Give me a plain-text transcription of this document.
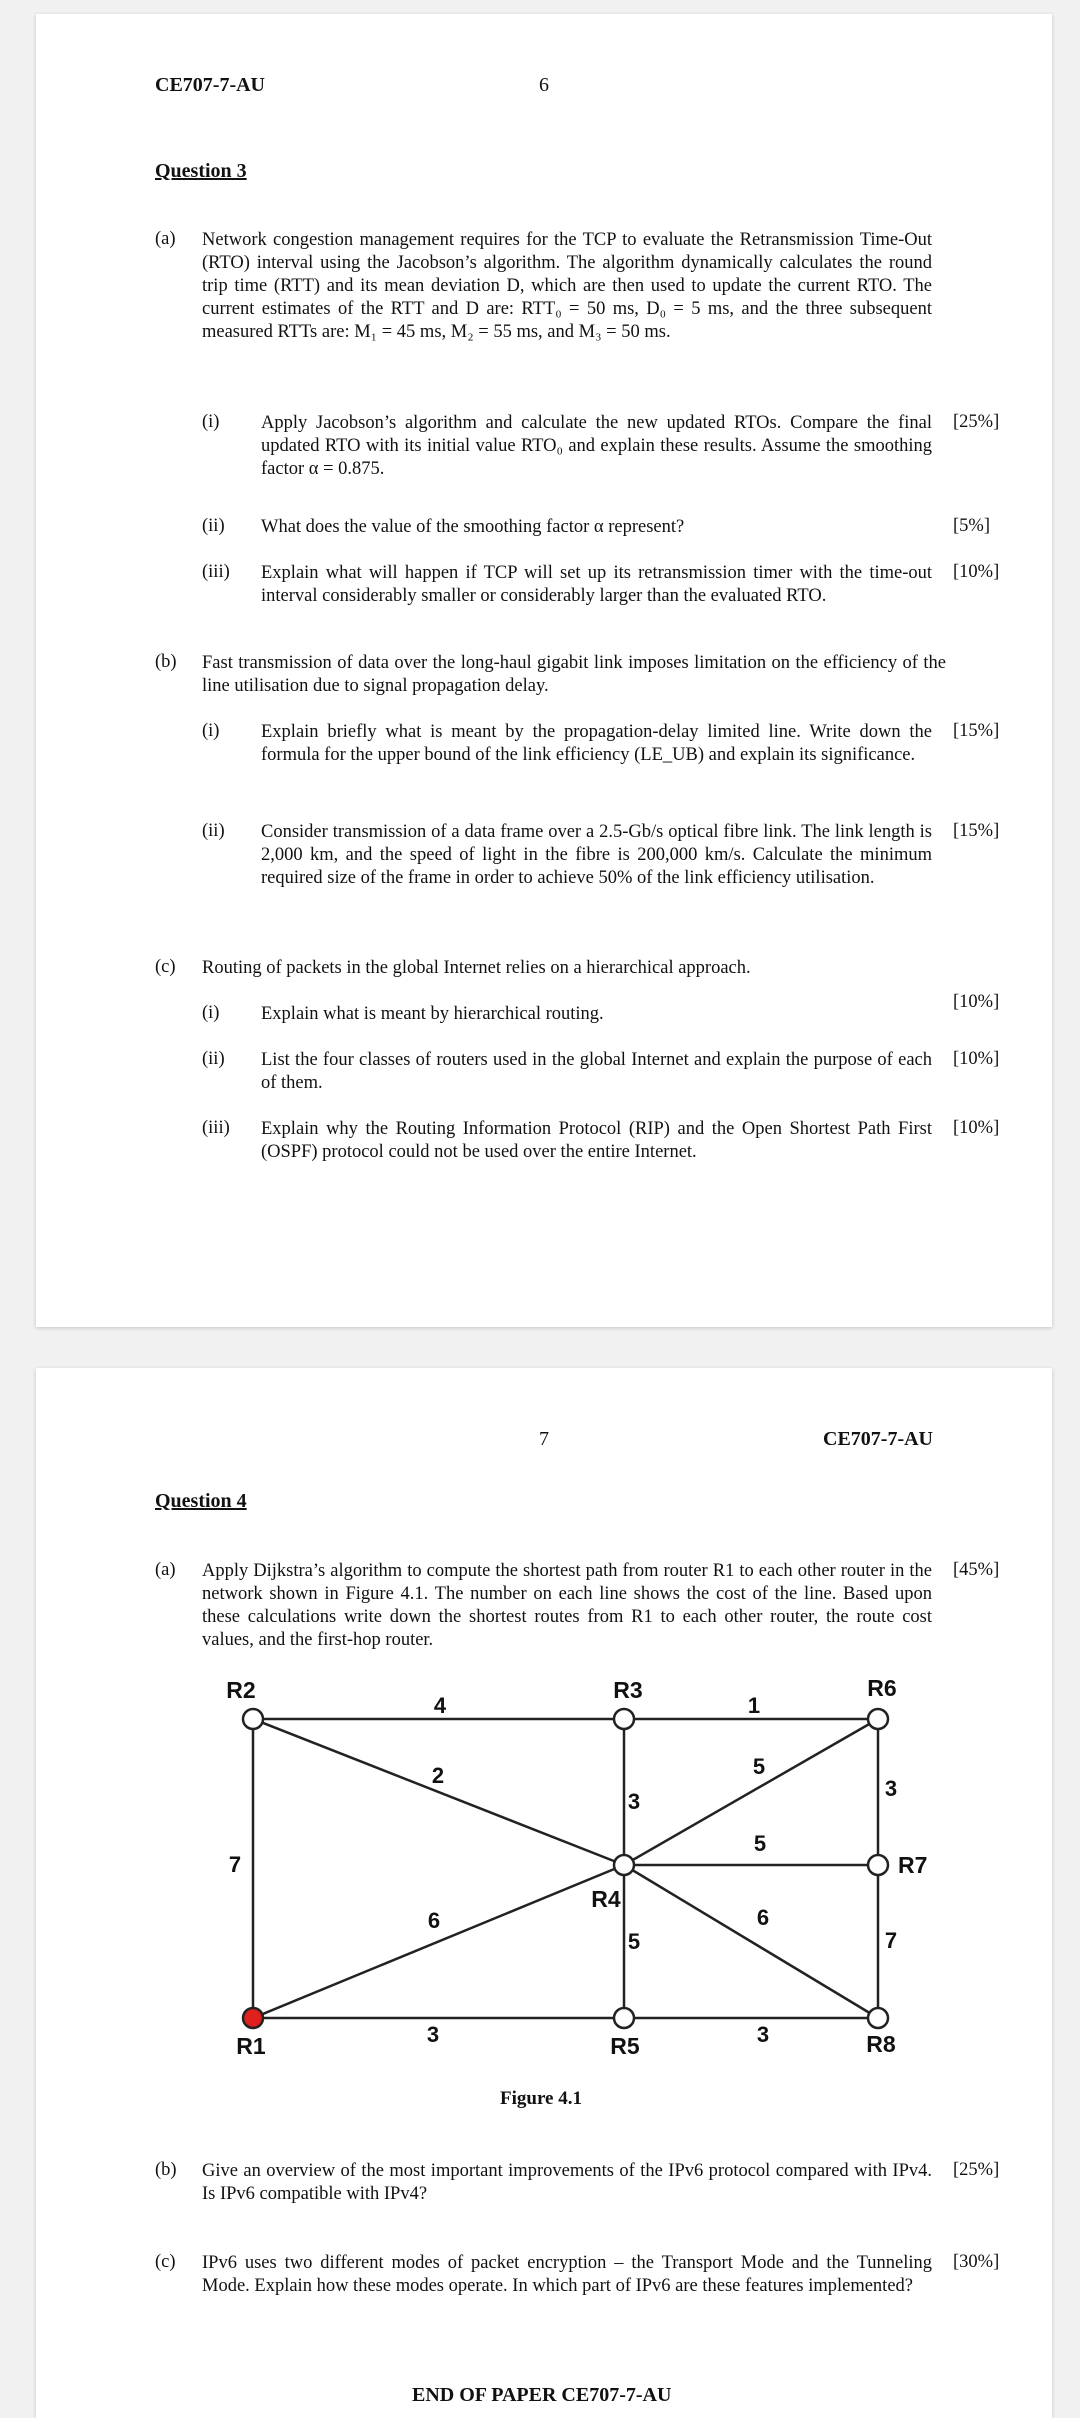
CE707-7-AU	6
Question 3
(a) Network congestion management requires for the TCP to evaluate the Retransmission Time-Out (RTO) interval using the Jacobson’s algorithm. The algorithm dynamically calculates the round trip time (RTT) and its mean deviation D, which are then used to update the current RTO. The current estimates of the RTT and D are: RTT₀ = 50 ms, D₀ = 5 ms, and the three subsequent measured RTTs are: M₁ = 45 ms, M₂ = 55 ms, and M₃ = 50 ms.
(i) Apply Jacobson’s algorithm and calculate the new updated RTOs. Compare the final updated RTO with its initial value RTO₀ and explain these results. Assume the smoothing factor α = 0.875.
[25%]
(ii) What does the value of the smoothing factor α represent?	[5%]
(iii) Explain what will happen if TCP will set up its retransmission timer with the time-out interval considerably smaller or considerably larger than the evaluated RTO.
[10%]
(b) Fast transmission of data over the long-haul gigabit link imposes limitation on the efficiency of the line utilisation due to signal propagation delay.
(i) Explain briefly what is meant by the propagation-delay limited line. Write down the formula for the upper bound of the link efficiency (LE_UB) and explain its significance.
[15%]
(ii) Consider transmission of a data frame over a 2.5-Gb/s optical fibre link. The link length is 2,000 km, and the speed of light in the fibre is 200,000 km/s. Calculate the minimum required size of the frame in order to achieve 50% of the link efficiency utilisation.
[15%]
(c) Routing of packets in the global Internet relies on a hierarchical approach.
(i) Explain what is meant by hierarchical routing.
[10%]
(ii) List the four classes of routers used in the global Internet and explain the purpose of each of them.
[10%]
(iii) Explain why the Routing Information Protocol (RIP) and the Open Shortest Path First (OSPF) protocol could not be used over the entire Internet.
[10%]
7	CE707-7-AU
Question 4
(a) Apply Dijkstra’s algorithm to compute the shortest path from router R1 to each other router in the network shown in Figure 4.1. The number on each line shows the cost of the line. Based upon these calculations write down the shortest routes from R1 to each other router, the route cost values, and the first-hop router.
[45%]
4	1
2
3
5
3
7
5
6	6
5	7
3	3
R1
R2	R3
R4
R5
R6
R7
R8
Figure 4.1
(b) Give an overview of the most important improvements of the IPv6 protocol compared with IPv4. Is IPv6 compatible with IPv4?
[25%]
(c) IPv6 uses two different modes of packet encryption – the Transport Mode and the Tunneling Mode. Explain how these modes operate. In which part of IPv6 are these features implemented?
[30%]
END OF PAPER CE707-7-AU
